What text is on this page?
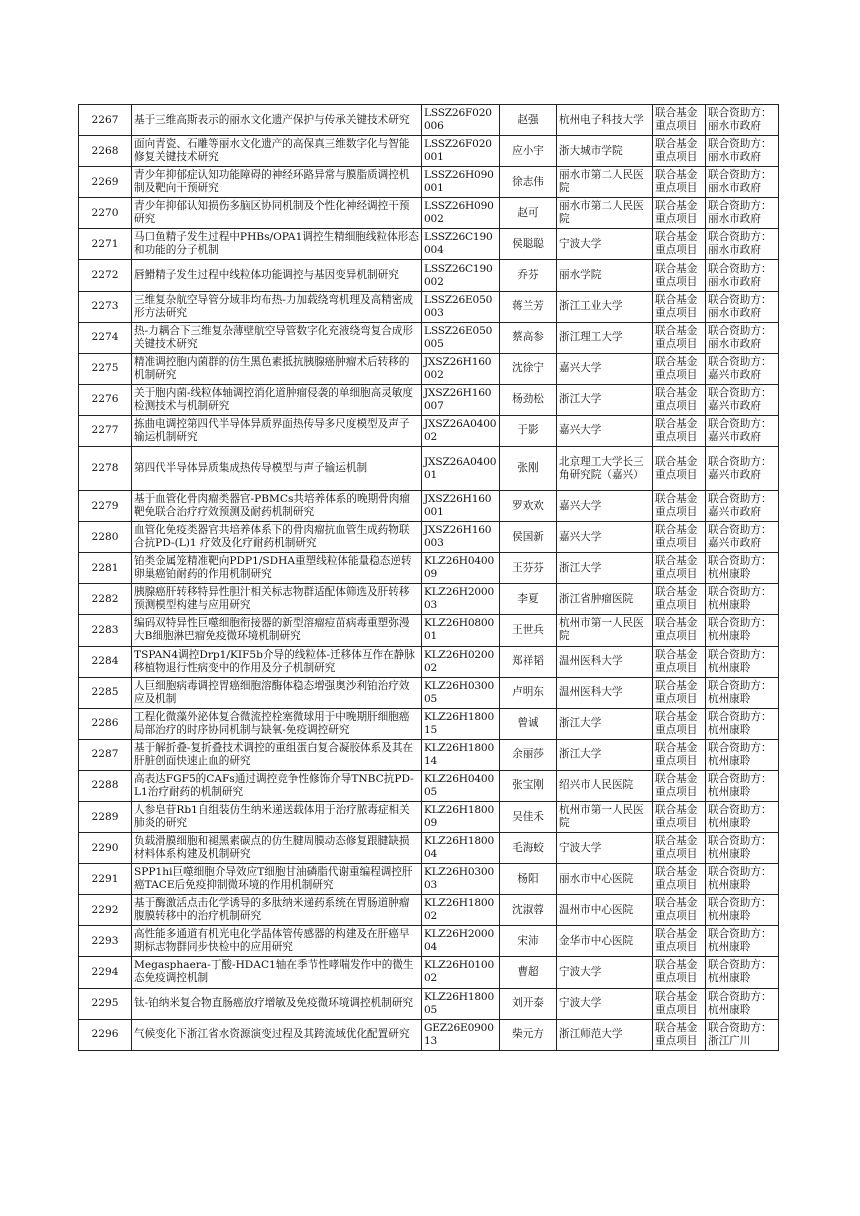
2267	基于三维高斯表示的丽水文化遗产保护与传承关键技术研究	LSSZ26F020006	赵强	杭州电子科技大学	联合基金重点项目	联合资助方：丽水市政府
2268	面向青瓷、石雕等丽水文化遗产的高保真三维数字化与智能修复关键技术研究	LSSZ26F020001	应小宇	浙大城市学院	联合基金重点项目	联合资助方：丽水市政府
2269	青少年抑郁症认知功能障碍的神经环路异常与膜脂质调控机制及靶向干预研究	LSSZ26H090001	徐志伟	丽水市第二人民医院	联合基金重点项目	联合资助方：丽水市政府
2270	青少年抑郁认知损伤多脑区协同机制及个性化神经调控干预研究	LSSZ26H090002	赵可	丽水市第二人民医院	联合基金重点项目	联合资助方：丽水市政府
2271	马口鱼精子发生过程中PHBs/OPA1调控生精细胞线粒体形态和功能的分子机制	LSSZ26C190004	侯聪聪	宁波大学	联合基金重点项目	联合资助方：丽水市政府
2272	唇䱻精子发生过程中线粒体功能调控与基因变异机制研究	LSSZ26C190002	乔芬	丽水学院	联合基金重点项目	联合资助方：丽水市政府
2273	三维复杂航空导管分域非均布热-力加载绕弯机理及高精密成形方法研究	LSSZ26E050003	蒋兰芳	浙江工业大学	联合基金重点项目	联合资助方：丽水市政府
2274	热-力耦合下三维复杂薄壁航空导管数字化充液绕弯复合成形关键技术研究	LSSZ26E050005	蔡高参	浙江理工大学	联合基金重点项目	联合资助方：丽水市政府
2275	精准调控胞内菌群的仿生黑色素抵抗胰腺癌肿瘤术后转移的机制研究	JXSZ26H160002	沈徐宁	嘉兴大学	联合基金重点项目	联合资助方：嘉兴市政府
2276	关于胞内菌-线粒体轴调控消化道肿瘤侵袭的单细胞高灵敏度检测技术与机制研究	JXSZ26H160007	杨劲松	浙江大学	联合基金重点项目	联合资助方：嘉兴市政府
2277	拣曲电调控第四代半导体异质界面热传导多尺度模型及声子输运机制研究	JXSZ26A040002	于影	嘉兴大学	联合基金重点项目	联合资助方：嘉兴市政府
2278	第四代半导体异质集成热传导模型与声子输运机制	JXSZ26A040001	张刚	北京理工大学长三角研究院（嘉兴）	联合基金重点项目	联合资助方：嘉兴市政府
2279	基于血管化骨肉瘤类器官-PBMCs共培养体系的晚期骨肉瘤靶免联合治疗疗效预测及耐药机制研究	JXSZ26H160001	罗欢欢	嘉兴大学	联合基金重点项目	联合资助方：嘉兴市政府
2280	血管化免疫类器官共培养体系下的骨肉瘤抗血管生成药物联合抗PD-(L)1 疗效及化疗耐药机制研究	JXSZ26H160003	侯国新	嘉兴大学	联合基金重点项目	联合资助方：嘉兴市政府
2281	铂类金属笼精准靶向PDP1/SDHA重塑线粒体能量稳态逆转卵巢癌铂耐药的作用机制研究	KLZ26H040009	王芬芬	浙江大学	联合基金重点项目	联合资助方：杭州康聆
2282	胰腺癌肝转移特异性胆汁相关标志物群适配体筛选及肝转移预测模型构建与应用研究	KLZ26H200003	李夏	浙江省肿瘤医院	联合基金重点项目	联合资助方：杭州康聆
2283	编码双特异性巨噬细胞衔接器的新型溶瘤痘苗病毒重塑弥漫大B细胞淋巴瘤免疫微环境机制研究	KLZ26H080001	王世兵	杭州市第一人民医院	联合基金重点项目	联合资助方：杭州康聆
2284	TSPAN4调控Drp1/KIF5b介导的线粒体-迁移体互作在静脉移植物退行性病变中的作用及分子机制研究	KLZ26H020002	郑祥韬	温州医科大学	联合基金重点项目	联合资助方：杭州康聆
2285	人巨细胞病毒调控胃癌细胞溶酶体稳态增强奥沙利铂治疗效应及机制	KLZ26H030005	卢明东	温州医科大学	联合基金重点项目	联合资助方：杭州康聆
2286	工程化微藻外泌体复合微流控栓塞微球用于中晚期肝细胞癌局部治疗的时序协同机制与缺氧-免疫调控研究	KLZ26H180015	曾诚	浙江大学	联合基金重点项目	联合资助方：杭州康聆
2287	基于解折叠-复折叠技术调控的重组蛋白复合凝胶体系及其在肝脏创面快速止血的研究	KLZ26H180014	余丽莎	浙江大学	联合基金重点项目	联合资助方：杭州康聆
2288	高表达FGF5的CAFs通过调控竞争性修饰介导TNBC抗PD-L1治疗耐药的机制研究	KLZ26H040005	张宝刚	绍兴市人民医院	联合基金重点项目	联合资助方：杭州康聆
2289	人参皂苷Rb1自组装仿生纳米递送载体用于治疗脓毒症相关肺炎的研究	KLZ26H180009	吴佳禾	杭州市第一人民医院	联合基金重点项目	联合资助方：杭州康聆
2290	负载滑膜细胞和褪黑素碳点的仿生腱周膜动态修复跟腱缺损材料体系构建及机制研究	KLZ26H180004	毛海蛟	宁波大学	联合基金重点项目	联合资助方：杭州康聆
2291	SPP1hi巨噬细胞介导效应T细胞甘油磷脂代谢重编程调控肝癌TACE后免疫抑制微环境的作用机制研究	KLZ26H030003	杨阳	丽水市中心医院	联合基金重点项目	联合资助方：杭州康聆
2292	基于酶激活点击化学诱导的多肽纳米递药系统在胃肠道肿瘤腹膜转移中的治疗机制研究	KLZ26H180002	沈淑蓉	温州市中心医院	联合基金重点项目	联合资助方：杭州康聆
2293	高性能多通道有机光电化学晶体管传感器的构建及在肝癌早期标志物群同步快检中的应用研究	KLZ26H200004	宋沛	金华市中心医院	联合基金重点项目	联合资助方：杭州康聆
2294	Megasphaera-丁酸-HDAC1轴在季节性哮喘发作中的微生态免疫调控机制	KLZ26H010002	曹超	宁波大学	联合基金重点项目	联合资助方：杭州康聆
2295	钛-铂纳米复合物直肠癌放疗增敏及免疫微环境调控机制研究	KLZ26H180005	刘开泰	宁波大学	联合基金重点项目	联合资助方：杭州康聆
2296	气候变化下浙江省水资源演变过程及其跨流域优化配置研究	GEZ26E090013	柴元方	浙江师范大学	联合基金重点项目	联合资助方：浙江广川
